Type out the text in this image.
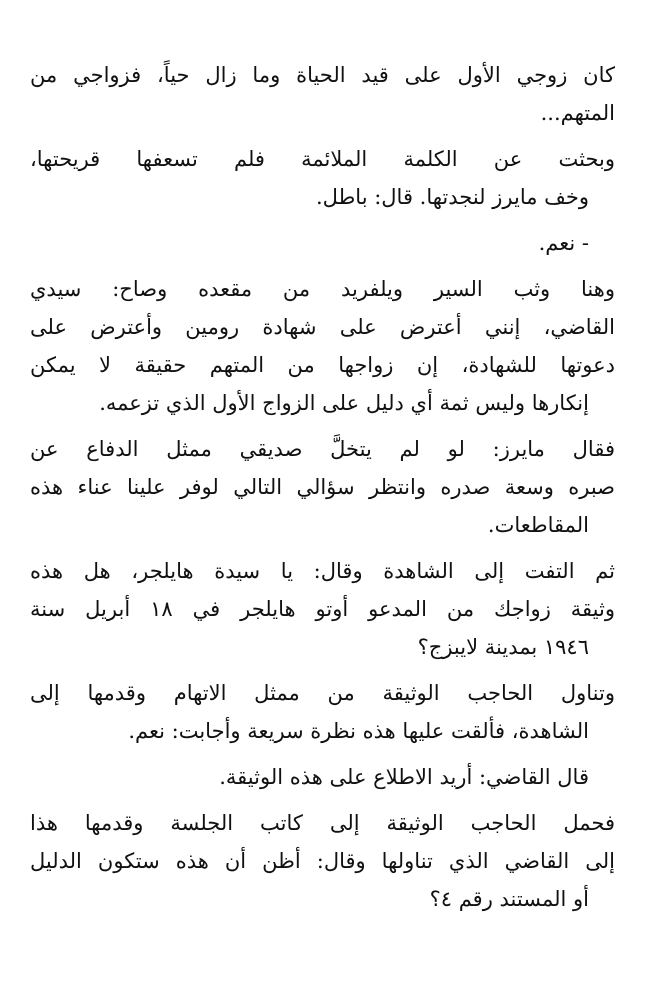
كان زوجي الأول على قيد الحياة وما زال حياً، فزواجي من
المتهم...

وبحثت عن الكلمة الملائمة فلم تسعفها قريحتها،
وخف مايرز لنجدتها. قال: باطل.

- نعم.

وهنا وثب السير ويلفريد من مقعده وصاح: سيدي
القاضي، إنني أعترض على شهادة رومين وأعترض على
دعوتها للشهادة، إن زواجها من المتهم حقيقة لا يمكن
إنكارها وليس ثمة أي دليل على الزواج الأول الذي تزعمه.

فقال مايرز: لو لم يتخلَّ صديقي ممثل الدفاع عن
صبره وسعة صدره وانتظر سؤالي التالي لوفر علينا عناء هذه
المقاطعات.

ثم التفت إلى الشاهدة وقال: يا سيدة هايلجر، هل هذه
وثيقة زواجك من المدعو أوتو هايلجر في ١٨ أبريل سنة
١٩٤٦ بمدينة لايبزج؟

وتناول الحاجب الوثيقة من ممثل الاتهام وقدمها إلى
الشاهدة، فألقت عليها هذه نظرة سريعة وأجابت: نعم.

قال القاضي: أريد الاطلاع على هذه الوثيقة.

فحمل الحاجب الوثيقة إلى كاتب الجلسة وقدمها هذا
إلى القاضي الذي تناولها وقال: أظن أن هذه ستكون الدليل
أو المستند رقم ٤؟
